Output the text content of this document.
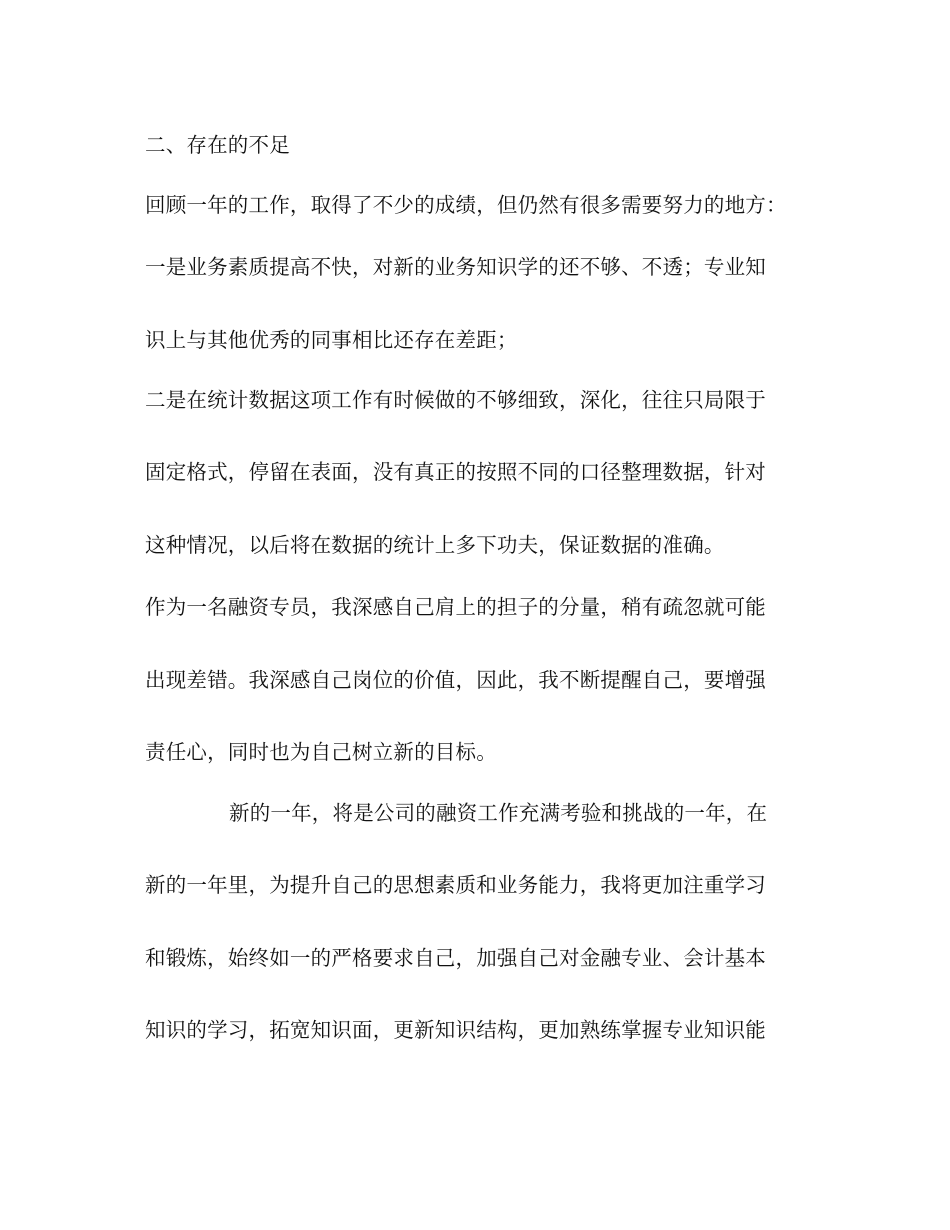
二、存在的不足
回顾一年的工作，取得了不少的成绩，但仍然有很多需要努力的地方：
一是业务素质提高不快，对新的业务知识学的还不够、不透；专业知
识上与其他优秀的同事相比还存在差距；
二是在统计数据这项工作有时候做的不够细致，深化，往往只局限于
固定格式，停留在表面，没有真正的按照不同的口径整理数据，针对
这种情况，以后将在数据的统计上多下功夫，保证数据的准确。
作为一名融资专员，我深感自己肩上的担子的分量，稍有疏忽就可能
出现差错。我深感自己岗位的价值，因此，我不断提醒自己，要增强
责任心，同时也为自己树立新的目标。
新的一年，将是公司的融资工作充满考验和挑战的一年，在
新的一年里，为提升自己的思想素质和业务能力，我将更加注重学习
和锻炼，始终如一的严格要求自己，加强自己对金融专业、会计基本
知识的学习，拓宽知识面，更新知识结构，更加熟练掌握专业知识能
